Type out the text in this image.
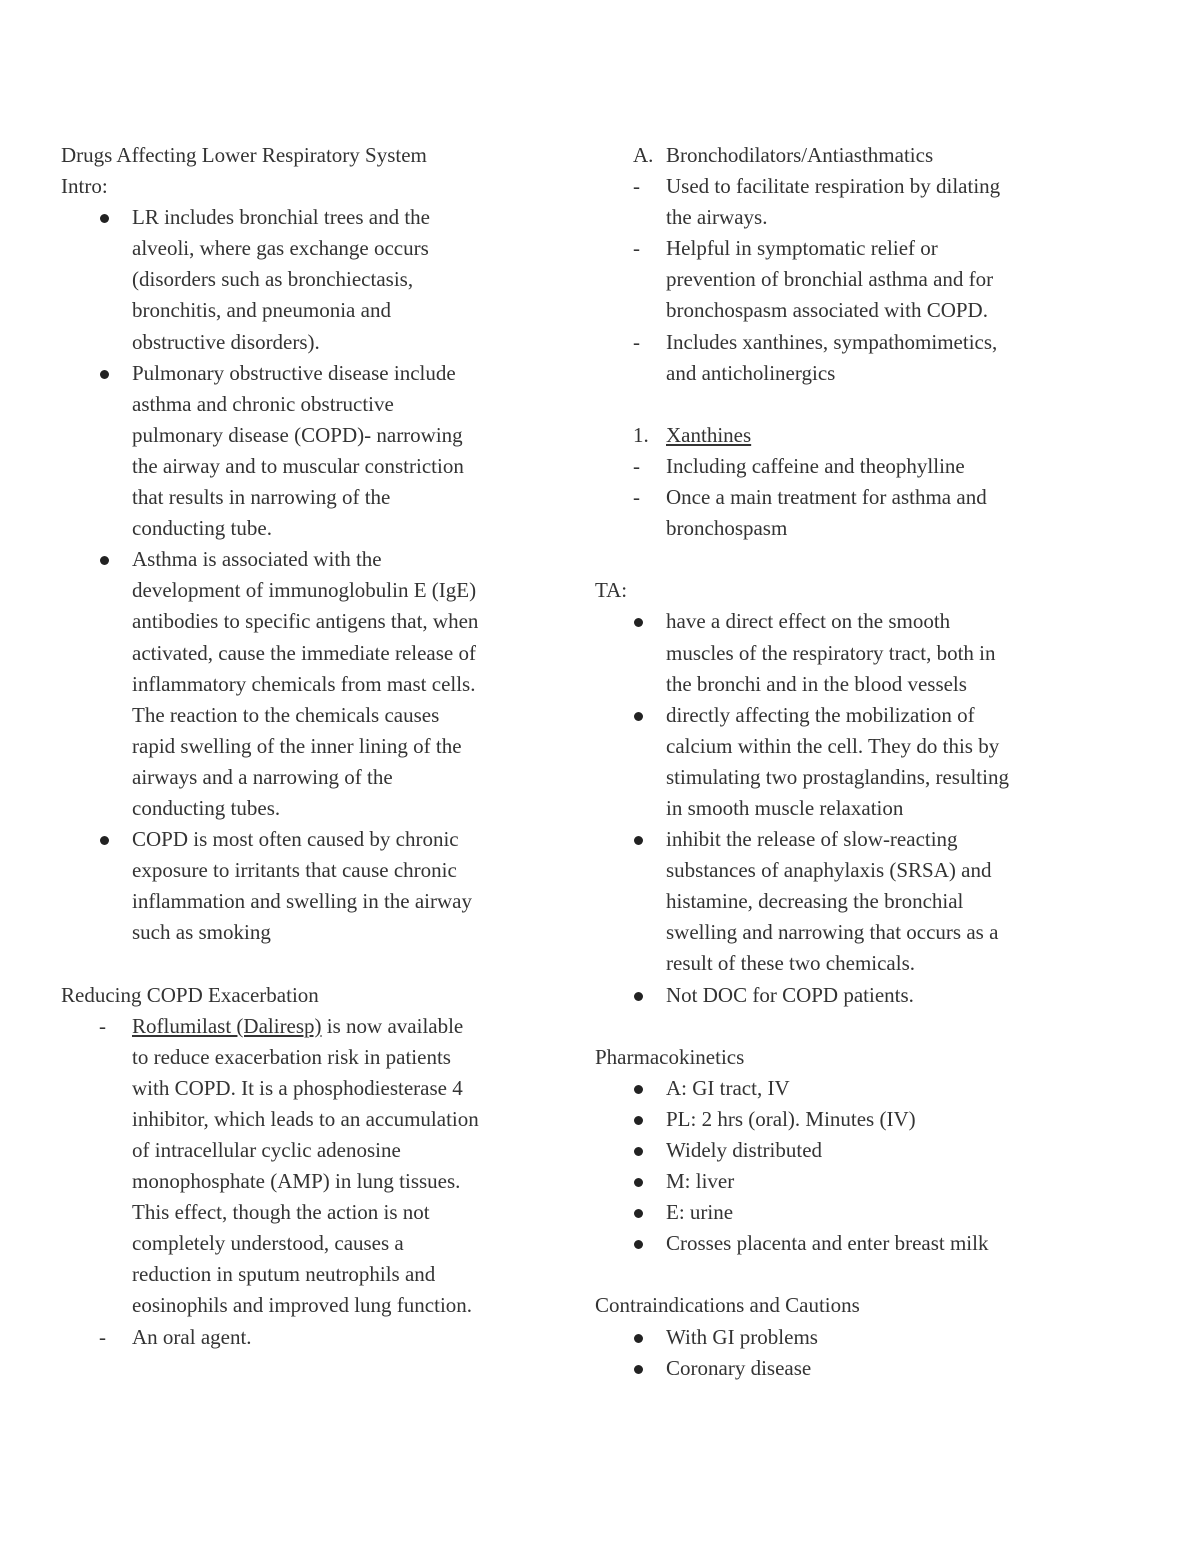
Drugs Affecting Lower Respiratory System

Intro:

LR includes bronchial trees and the
alveoli, where gas exchange occurs
(disorders such as bronchiectasis,
bronchitis, and pneumonia and
obstructive disorders).
Pulmonary obstructive disease include
asthma and chronic obstructive
pulmonary disease (COPD)- narrowing
the airway and to muscular constriction
that results in narrowing of the
conducting tube.
Asthma is associated with the
development of immunoglobulin E (IgE)
antibodies to specific antigens that, when
activated, cause the immediate release of
inflammatory chemicals from mast cells.
The reaction to the chemicals causes
rapid swelling of the inner lining of the
airways and a narrowing of the
conducting tubes.
COPD is most often caused by chronic
exposure to irritants that cause chronic
inflammation and swelling in the airway
such as smoking

Reducing COPD Exacerbation

- Roflumilast (Daliresp) is now available
to reduce exacerbation risk in patients
with COPD. It is a phosphodiesterase 4
inhibitor, which leads to an accumulation
of intracellular cyclic adenosine
monophosphate (AMP) in lung tissues.
This effect, though the action is not
completely understood, causes a
reduction in sputum neutrophils and
eosinophils and improved lung function.
- An oral agent.
A. Bronchodilators/Antiasthmatics
- Used to facilitate respiration by dilating
the airways.
- Helpful in symptomatic relief or
prevention of bronchial asthma and for
bronchospasm associated with COPD.
- Includes xanthines, sympathomimetics,
and anticholinergics
1. Xanthines
- Including caffeine and theophylline
- Once a main treatment for asthma and
bronchospasm

TA:

have a direct effect on the smooth
muscles of the respiratory tract, both in
the bronchi and in the blood vessels
directly affecting the mobilization of
calcium within the cell. They do this by
stimulating two prostaglandins, resulting
in smooth muscle relaxation
inhibit the release of slow-reacting
substances of anaphylaxis (SRSA) and
histamine, decreasing the bronchial
swelling and narrowing that occurs as a
result of these two chemicals.
Not DOC for COPD patients.

Pharmacokinetics

A: GI tract, IV
PL: 2 hrs (oral). Minutes (IV)
Widely distributed
M: liver
E: urine
Crosses placenta and enter breast milk

Contraindications and Cautions

With GI problems
Coronary disease
